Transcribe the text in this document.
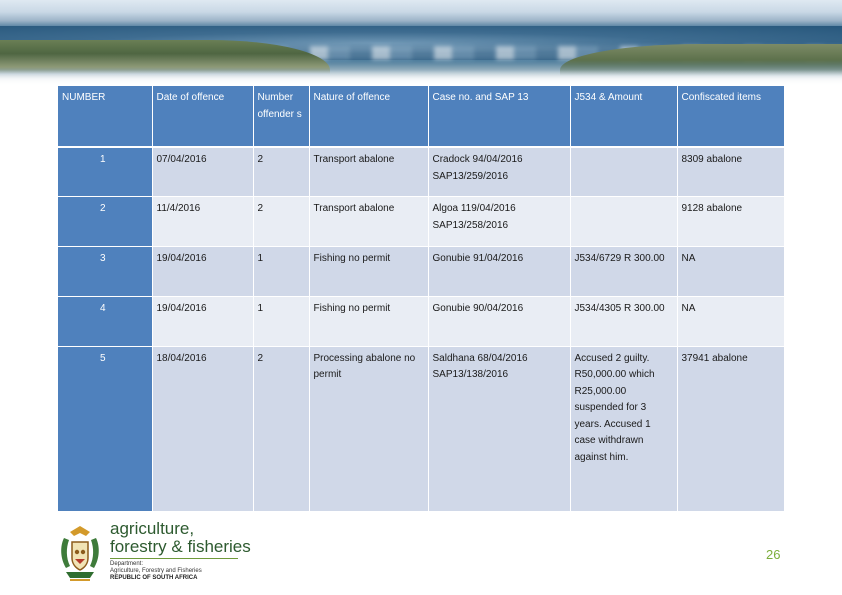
NUMBER	Date of offence	Number offender s	Nature of offence	Case no. and SAP 13	J534 & Amount	Confiscated items
1	07/04/2016	2	Transport abalone	Cradock 94/04/2016 SAP13/259/2016		8309 abalone
2	11/4/2016	2	Transport abalone	Algoa 119/04/2016 SAP13/258/2016		9128 abalone
3	19/04/2016	1	Fishing no permit	Gonubie 91/04/2016	J534/6729 R 300.00	NA
4	19/04/2016	1	Fishing no permit	Gonubie 90/04/2016	J534/4305 R 300.00	NA
5	18/04/2016	2	Processing abalone no permit	Saldhana 68/04/2016 SAP13/138/2016	Accused 2 guilty. R50,000.00 which R25,000.00 suspended for 3 years. Accused 1 case withdrawn against him.	37941 abalone
agriculture,
forestry & fisheries
Department:
Agriculture, Forestry and Fisheries
REPUBLIC OF SOUTH AFRICA
26
